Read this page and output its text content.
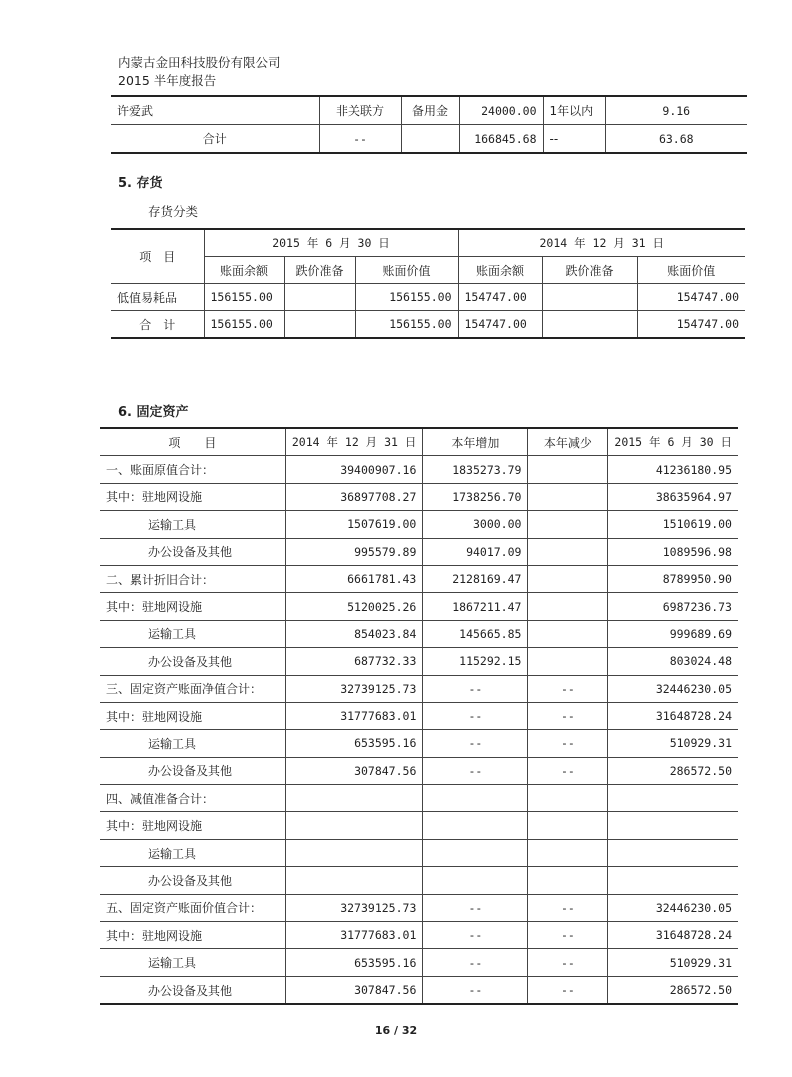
内蒙古金田科技股份有限公司
2015 半年度报告
许爱武	非关联方	备用金	24000.00	1年以内	9.16
合计	--		166845.68	--	63.68
5. 存货
存货分类
项　目	2015 年 6 月 30 日			2014 年 12 月 31 日		
	账面余额	跌价准备	账面价值	账面余额	跌价准备	账面价值
低值易耗品	156155.00		156155.00	154747.00		154747.00
合　计	156155.00		156155.00	154747.00		154747.00
6. 固定资产
项　　目	2014 年 12 月 31 日	本年增加	本年减少	2015 年 6 月 30 日
一、账面原值合计：	39400907.16	1835273.79		41236180.95
其中：驻地网设施	36897708.27	1738256.70		38635964.97
运输工具	1507619.00	3000.00		1510619.00
办公设备及其他	995579.89	94017.09		1089596.98
二、累计折旧合计：	6661781.43	2128169.47		8789950.90
其中：驻地网设施	5120025.26	1867211.47		6987236.73
运输工具	854023.84	145665.85		999689.69
办公设备及其他	687732.33	115292.15		803024.48
三、固定资产账面净值合计：	32739125.73	--	--	32446230.05
其中：驻地网设施	31777683.01	--	--	31648728.24
运输工具	653595.16	--	--	510929.31
办公设备及其他	307847.56	--	--	286572.50
四、减值准备合计：				
其中：驻地网设施				
运输工具				
办公设备及其他				
五、固定资产账面价值合计：	32739125.73	--	--	32446230.05
其中：驻地网设施	31777683.01	--	--	31648728.24
运输工具	653595.16	--	--	510929.31
办公设备及其他	307847.56	--	--	286572.50
16 / 32
